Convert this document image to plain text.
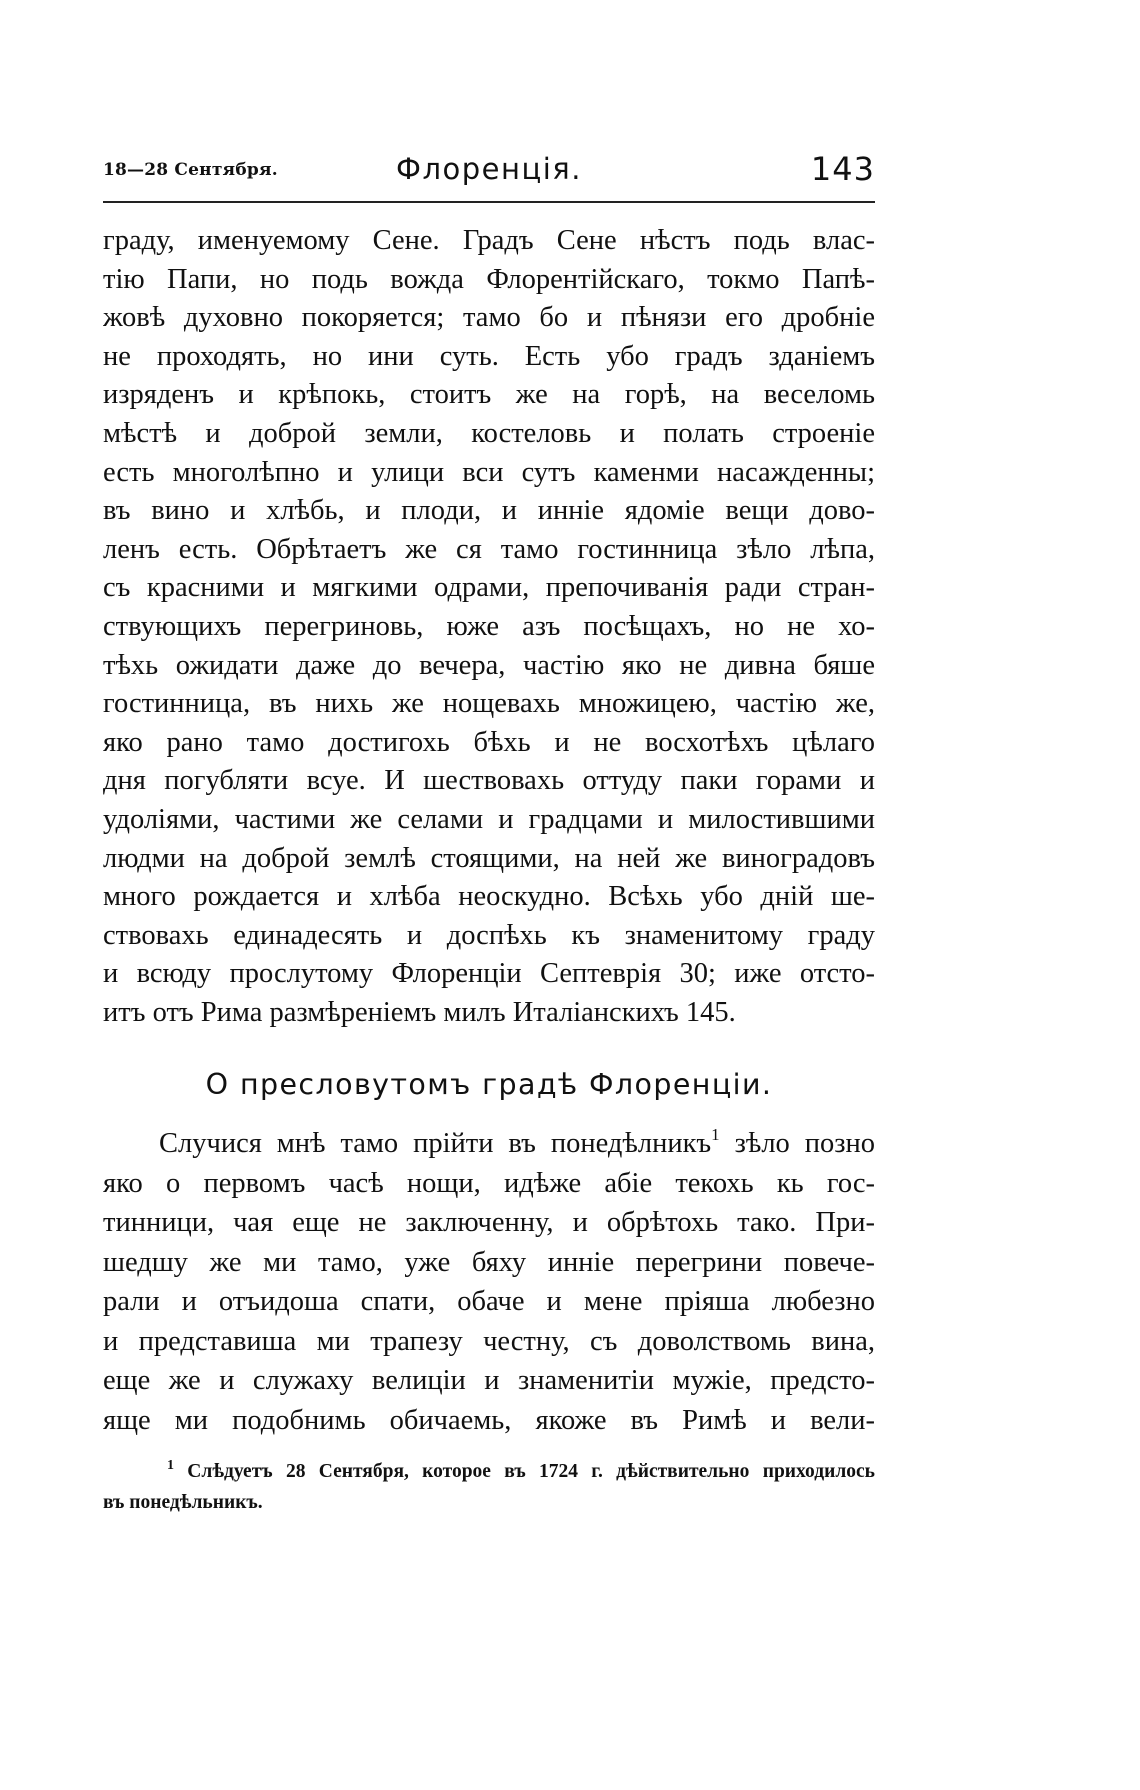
18—28 Сентября.	Флоренція.	143
граду, именуемому Сене. Градъ Сене нѣстъ подь влас-
тію Папи, но подь вожда Флорентійскаго, токмо Папѣ-
жовѣ духовно покоряется; тамо бо и пѣнязи его дробніе
не проходять, но ини суть. Есть убо градъ зданіемъ
изряденъ и крѣпокь, стоитъ же на горѣ, на веселомь
мѣстѣ и доброй земли, костеловь и полать строеніе
есть многолѣпно и улици вси сутъ каменми насажденны;
въ вино и хлѣбь, и плоди, и инніе ядоміе вещи дово-
ленъ есть. Обрѣтаетъ же ся тамо гостинница зѣло лѣпа,
съ красними и мягкими одрами, препочиванія ради стран-
ствующихъ перегриновь, юже азъ посѣщахъ, но не хо-
тѣхь ожидати даже до вечера, частію яко не дивна бяше
гостинница, въ нихь же нощевахь множицею, частію же,
яко рано тамо достигохь бѣхь и не восхотѣхъ цѣлаго
дня погубляти всуе. И шествовахь оттуду паки горами и
удоліями, частими же селами и градцами и милостившими
людми на доброй землѣ стоящими, на ней же виноградовъ
много рождается и хлѣба неоскудно. Всѣхь убо дній ше-
ствовахь единадесять и доспѣхь къ знаменитому граду
и всюду прослутому Флоренціи Септеврія 30; иже отсто-
итъ отъ Рима размѣреніемъ милъ Италіанскихъ 145.
О пресловутомъ градѣ Флоренціи.
Случися мнѣ тамо прійти въ понедѣлникъ$^1$ зѣло позно
яко о первомъ часѣ нощи, идѣже абіе текохь кь гос-
тинници, чая еще не заключенну, и обрѣтохь тако. При-
шедшу же ми тамо, уже бяху инніе перегрини повече-
рали и отъидоша спати, обаче и мене пріяша любезно
и представиша ми трапезу честну, съ доволствомь вина,
еще же и служаху велиціи и знаменитіи мужіе, предсто-
яще ми подобнимь обичаемь, якоже въ Римѣ и вели-
$^1$ Слѣдуетъ 28 Сентября, которое въ 1724 г. дѣйствительно приходилось
въ понедѣльникъ.
